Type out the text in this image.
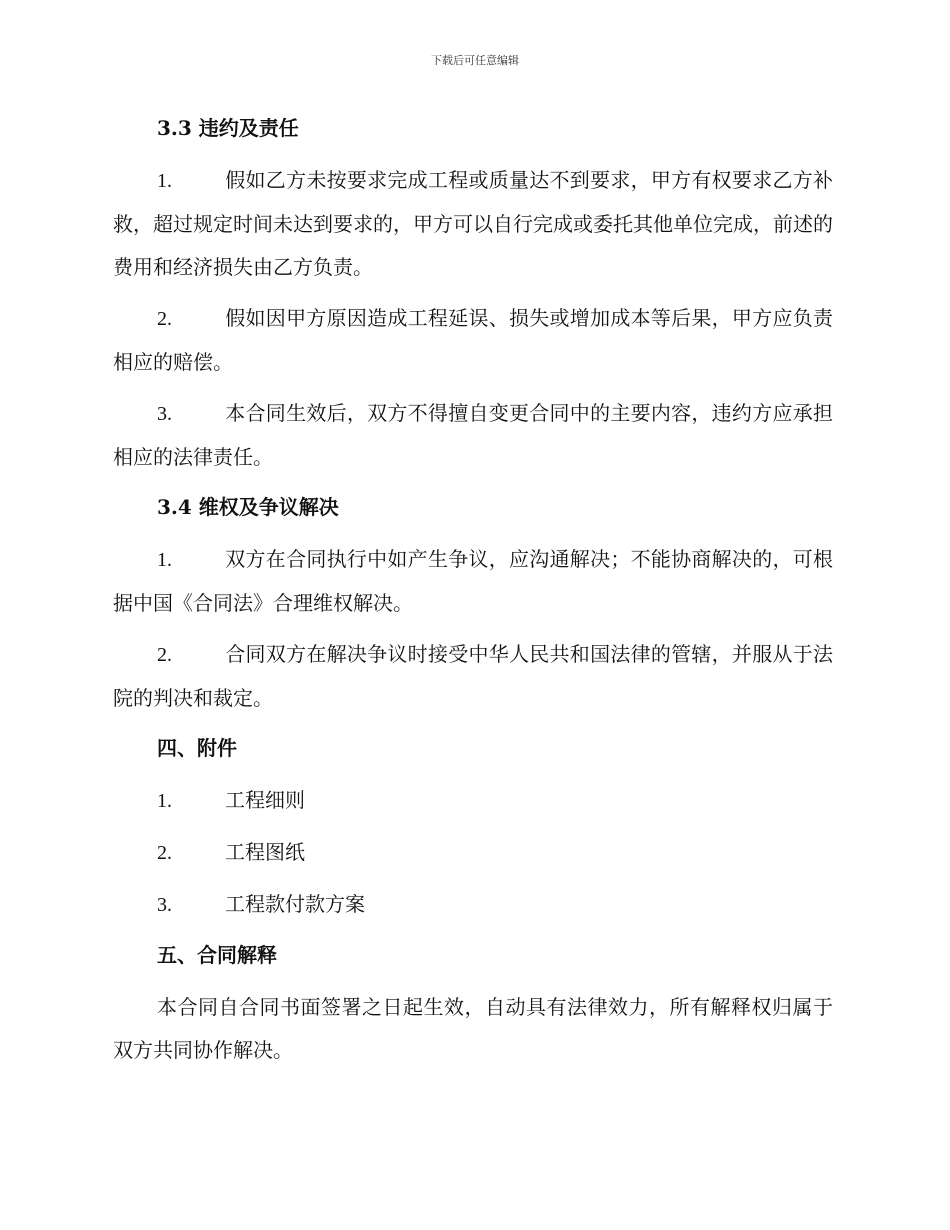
下载后可任意编辑
3.3 违约及责任
1.	假如乙方未按要求完成工程或质量达不到要求，甲方有权要求乙方补救，超过规定时间未达到要求的，甲方可以自行完成或委托其他单位完成，前述的费用和经济损失由乙方负责。
2.	假如因甲方原因造成工程延误、损失或增加成本等后果，甲方应负责相应的赔偿。
3.	本合同生效后，双方不得擅自变更合同中的主要内容，违约方应承担相应的法律责任。
3.4 维权及争议解决
1.	双方在合同执行中如产生争议，应沟通解决；不能协商解决的，可根据中国《合同法》合理维权解决。
2.	合同双方在解决争议时接受中华人民共和国法律的管辖，并服从于法院的判决和裁定。
四、附件
1.	工程细则
2.	工程图纸
3.	工程款付款方案
五、合同解释
本合同自合同书面签署之日起生效，自动具有法律效力，所有解释权归属于双方共同协作解决。
